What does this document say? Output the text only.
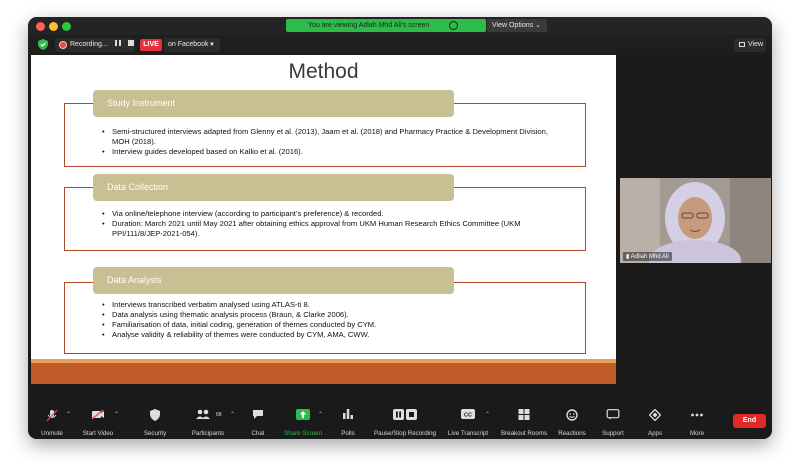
You are viewing Adlah Mhd Ali's screen	View Options ⌄
Recording...	LIVE	on Facebook ▼	View
Method
Study Instrument
• Semi-structured interviews adapted from Glenny et al. (2013), Jaam et al. (2018) and Pharmacy Practice & Development Division, MOH (2018).
• Interview guides developed based on Kallio et al. (2016).
Data Collection
• Via online/telephone interview (according to participant’s preference) & recorded.
• Duration: March 2021 until May 2021 after obtaining ethics approval from UKM Human Research Ethics Committee (UKM PPI/111/8/JEP-2021-054).
Data Analysis
• Interviews transcribed verbatim analysed using ATLAS-ti 8.
• Data analysis using thematic analysis process (Braun, & Clarke 2006).
• Familiarisation of data, initial coding, generation of themes conducted by CYM.
• Analyse validity & reliability of themes were conducted by CYM, AMA, CWW.
▮ Adliah Mhd Ali
Unmute
⌃
Start Video
⌃
Security
68
Participants
⌃
Chat	Share Screen
⌃
Polls	Pause/Stop Recording
CC
Live Transcript
⌃
Breakout Rooms	Reactions	Support	Apps	More
End
